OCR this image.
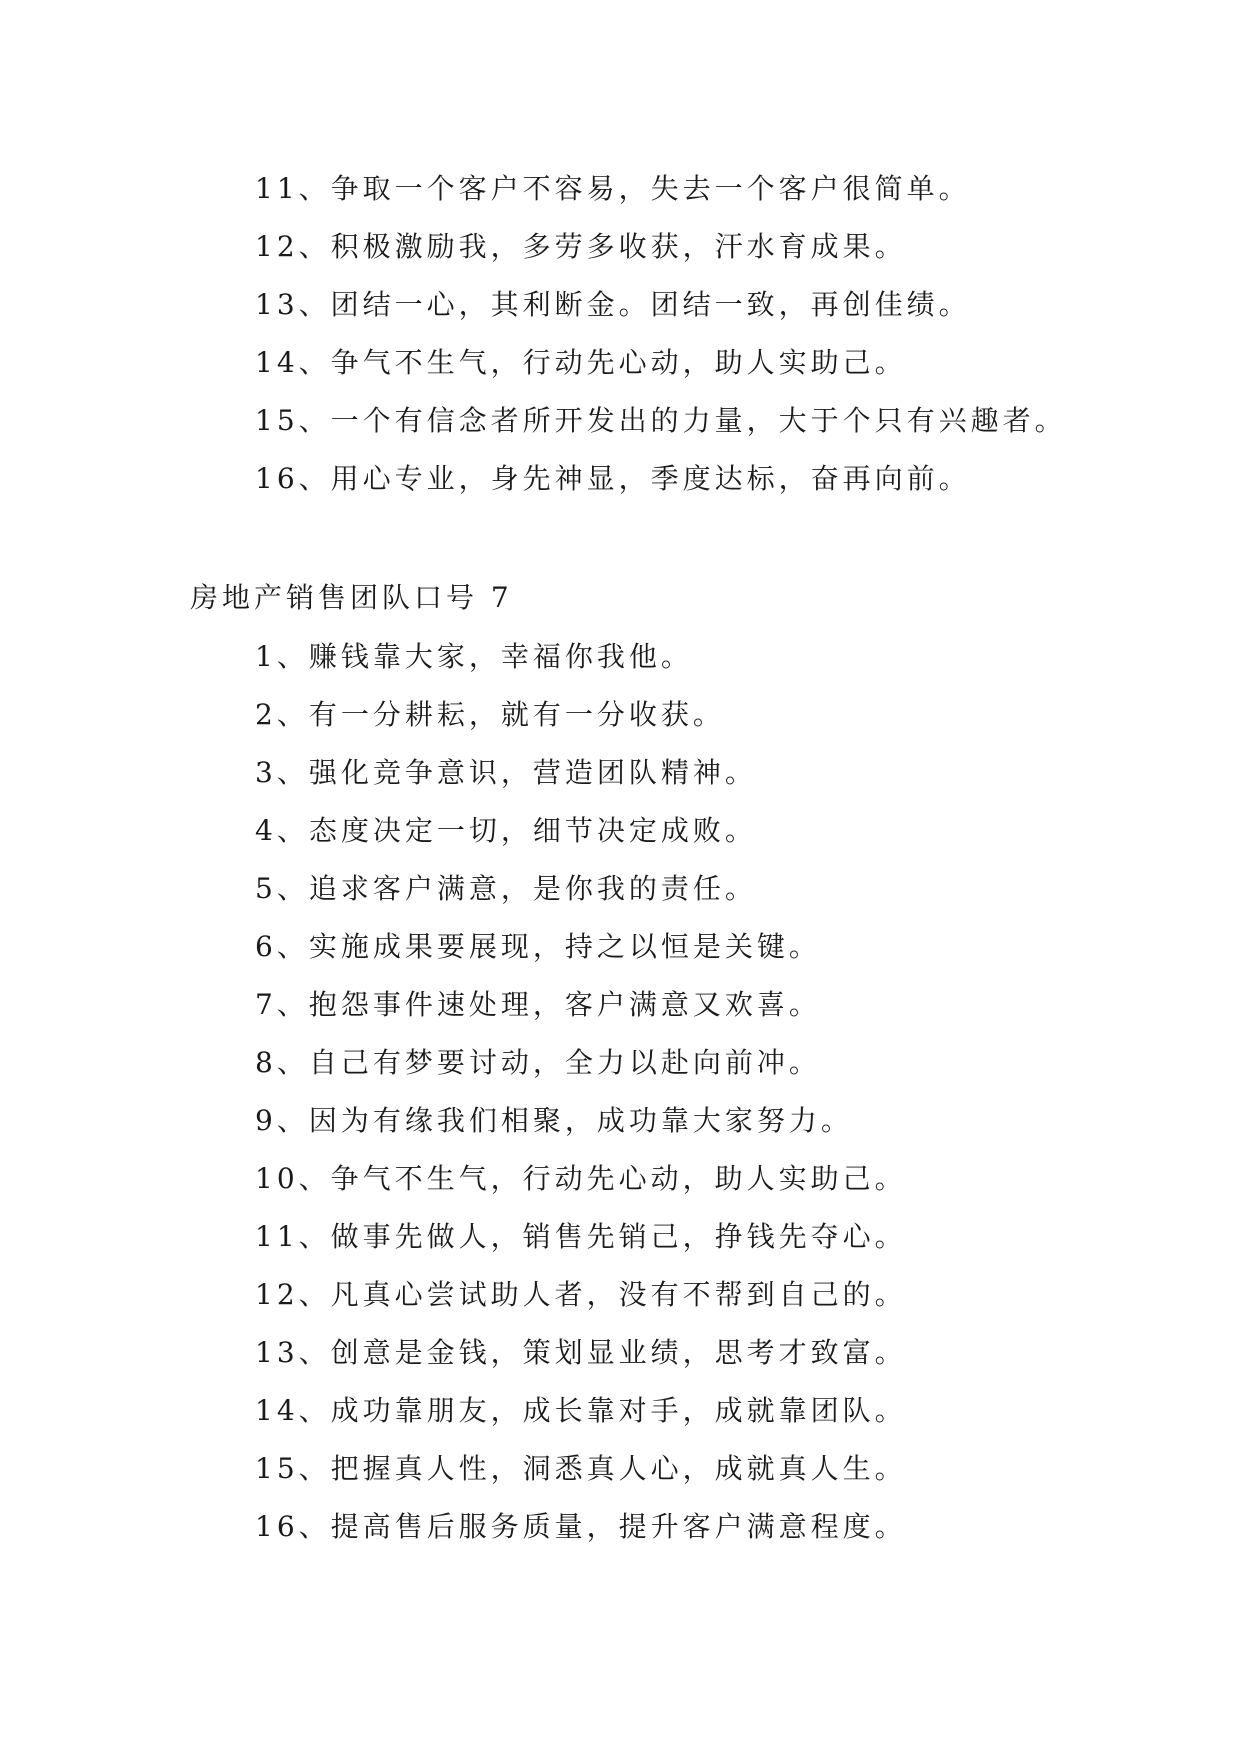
11、争取一个客户不容易，失去一个客户很简单。
12、积极激励我，多劳多收获，汗水育成果。
13、团结一心，其利断金。团结一致，再创佳绩。
14、争气不生气，行动先心动，助人实助己。
15、一个有信念者所开发出的力量，大于个只有兴趣者。
16、用心专业，身先神显，季度达标，奋再向前。
房地产销售团队口号 7
1、赚钱靠大家，幸福你我他。
2、有一分耕耘，就有一分收获。
3、强化竞争意识，营造团队精神。
4、态度决定一切，细节决定成败。
5、追求客户满意，是你我的责任。
6、实施成果要展现，持之以恒是关键。
7、抱怨事件速处理，客户满意又欢喜。
8、自己有梦要讨动，全力以赴向前冲。
9、因为有缘我们相聚，成功靠大家努力。
10、争气不生气，行动先心动，助人实助己。
11、做事先做人，销售先销己，挣钱先夺心。
12、凡真心尝试助人者，没有不帮到自己的。
13、创意是金钱，策划显业绩，思考才致富。
14、成功靠朋友，成长靠对手，成就靠团队。
15、把握真人性，洞悉真人心，成就真人生。
16、提高售后服务质量，提升客户满意程度。
